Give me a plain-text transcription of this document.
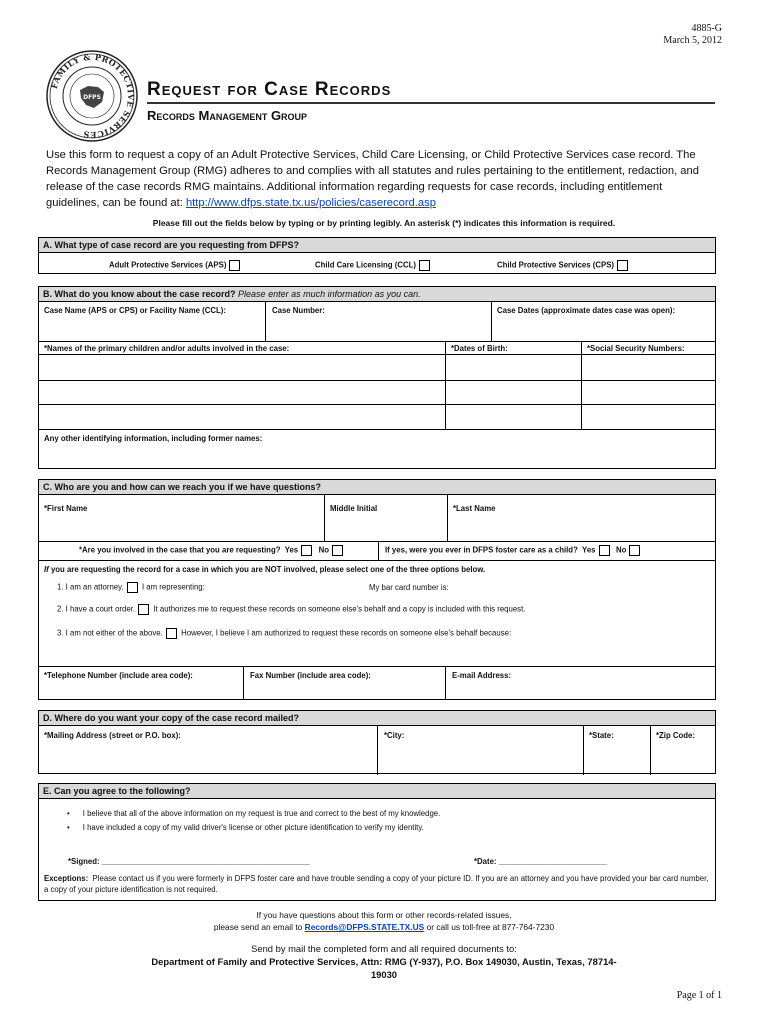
4885-G
March 5, 2012
FAMILY & PROTECTIVE SERVICES
DFPS Request for Case Records
Records Management Group
Use this form to request a copy of an Adult Protective Services, Child Care Licensing, or Child Protective Services case record. The Records Management Group (RMG) adheres to and complies with all statutes and rules pertaining to the entitlement, redaction, and release of the case records RMG maintains. Additional information regarding requests for case records, including entitlement guidelines, can be found at: http://www.dfps.state.tx.us/policies/caserecord.asp
Please fill out the fields below by typing or by printing legibly. An asterisk (*) indicates this information is required.
A. What type of case record are you requesting from DFPS?
Adult Protective Services (APS)	Child Care Licensing (CCL)	Child Protective Services (CPS)
B. What do you know about the case record? Please enter as much information as you can.
Case Name (APS or CPS) or Facility Name (CCL):	Case Number:	Case Dates (approximate dates case was open):
*Names of the primary children and/or adults involved in the case:	*Dates of Birth:	*Social Security Numbers:
Any other identifying information, including former names:
C. Who are you and how can we reach you if we have questions?
*First Name	Middle Initial	*Last Name
*Are you involved in the case that you are requesting? Yes	No	If yes, were you ever in DFPS foster care as a child? Yes	No
If you are requesting the record for a case in which you are NOT involved, please select one of the three options below.
1. I am an attorney. I am representing:	My bar card number is:
2. I have a court order. It authorizes me to request these records on someone else's behalf and a copy is included with this request.
3. I am not either of the above. However, I believe I am authorized to request these records on someone else's behalf because:
*Telephone Number (include area code):	Fax Number (include area code):	E-mail Address:
D. Where do you want your copy of the case record mailed?
*Mailing Address (street or P.O. box):	*City:	*State:	*Zip Code:
E. Can you agree to the following?
•      I believe that all of the above information on my request is true and correct to the best of my knowledge.
•      I have included a copy of my valid driver's license or other picture identification to verify my identity.
*Signed: ________________________________________________	*Date: _________________________
Exceptions: Please contact us if you were formerly in DFPS foster care and have trouble sending a copy of your picture ID. If you are an attorney and you have provided your bar card number, a copy of your picture identification is not required.
If you have questions about this form or other records-related issues,
please send an email to Records@DFPS.STATE.TX.US or call us toll-free at 877-764-7230
Send by mail the completed form and all required documents to:
Department of Family and Protective Services, Attn: RMG (Y-937), P.O. Box 149030, Austin, Texas, 78714-
19030
Page 1 of 1
